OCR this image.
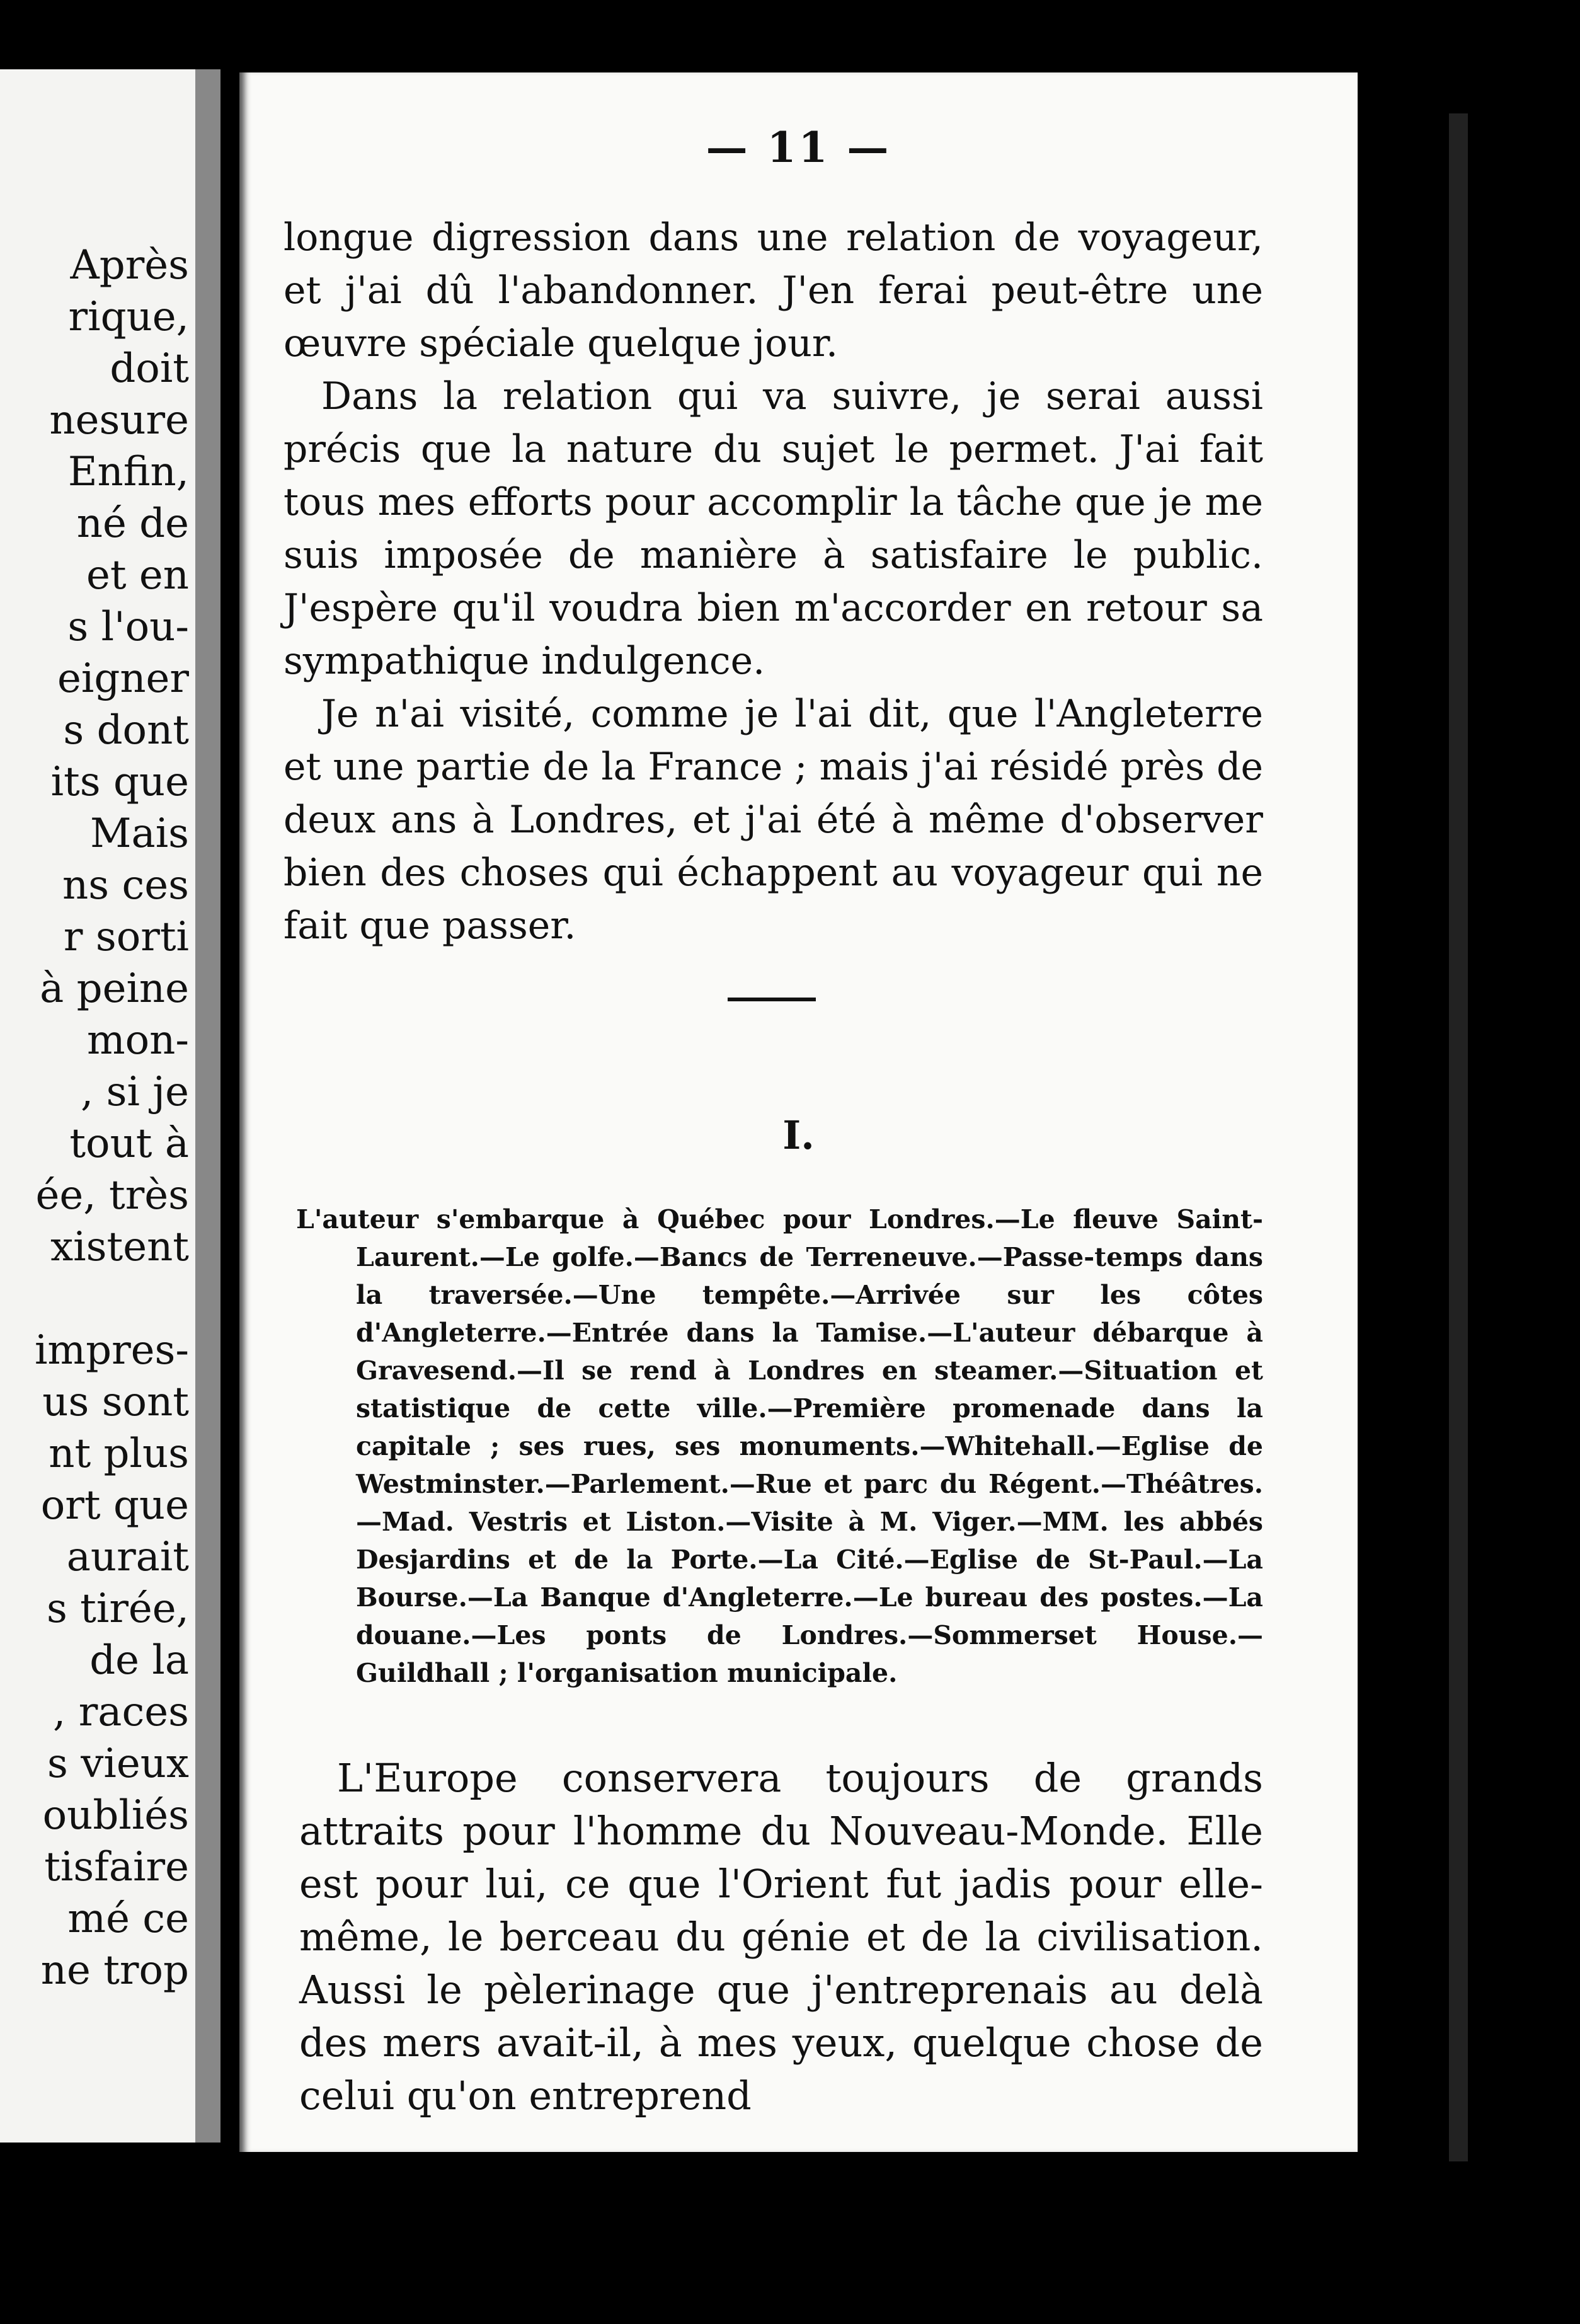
Après
rique,
doit
nesure
Enfin,
né de
et en
s l'ou-
eigner
s dont
its que
Mais
ns ces
r sorti
à peine
mon-
, si je
tout à
ée, très
xistent
impres-
us sont
nt plus
ort que
aurait
s tirée,
de la
, races
s vieux
oubliés
tisfaire
mé ce
ne trop
— 11 —

longue digression dans une relation de voyageur, et j'ai dû l'abandonner. J'en ferai peut-être une œuvre spéciale quelque jour.

Dans la relation qui va suivre, je serai aussi précis que la nature du sujet le permet. J'ai fait tous mes efforts pour accomplir la tâche que je me suis imposée de manière à satisfaire le public. J'espère qu'il voudra bien m'accorder en retour sa sympathique indulgence.

Je n'ai visité, comme je l'ai dit, que l'Angleterre et une partie de la France ; mais j'ai résidé près de deux ans à Londres, et j'ai été à même d'observer bien des choses qui échappent au voyageur qui ne fait que passer.

I.
L'auteur s'embarque à Québec pour Londres.—Le fleuve Saint-Laurent.—Le golfe.—Bancs de Terreneuve.—Passe-temps dans la traversée.—Une tempête.—Arrivée sur les côtes d'Angleterre.—Entrée dans la Tamise.—L'auteur débarque à Gravesend.—Il se rend à Londres en steamer.—Situation et statistique de cette ville.—Première promenade dans la capitale ; ses rues, ses monuments.—Whitehall.—Eglise de Westminster.—Parlement.—Rue et parc du Régent.—Théâtres.—Mad. Vestris et Liston.—Visite à M. Viger.—MM. les abbés Desjardins et de la Porte.—La Cité.—Eglise de St-Paul.—La Bourse.—La Banque d'Angleterre.—Le bureau des postes.—La douane.—Les ponts de Londres.—Sommerset House.—Guildhall ; l'organisation municipale.
L'Europe conservera toujours de grands attraits pour l'homme du Nouveau-Monde. Elle est pour lui, ce que l'Orient fut jadis pour elle-même, le berceau du génie et de la civilisation. Aussi le pèlerinage que j'entreprenais au delà des mers avait-il, à mes yeux, quelque chose de celui qu'on entreprend
